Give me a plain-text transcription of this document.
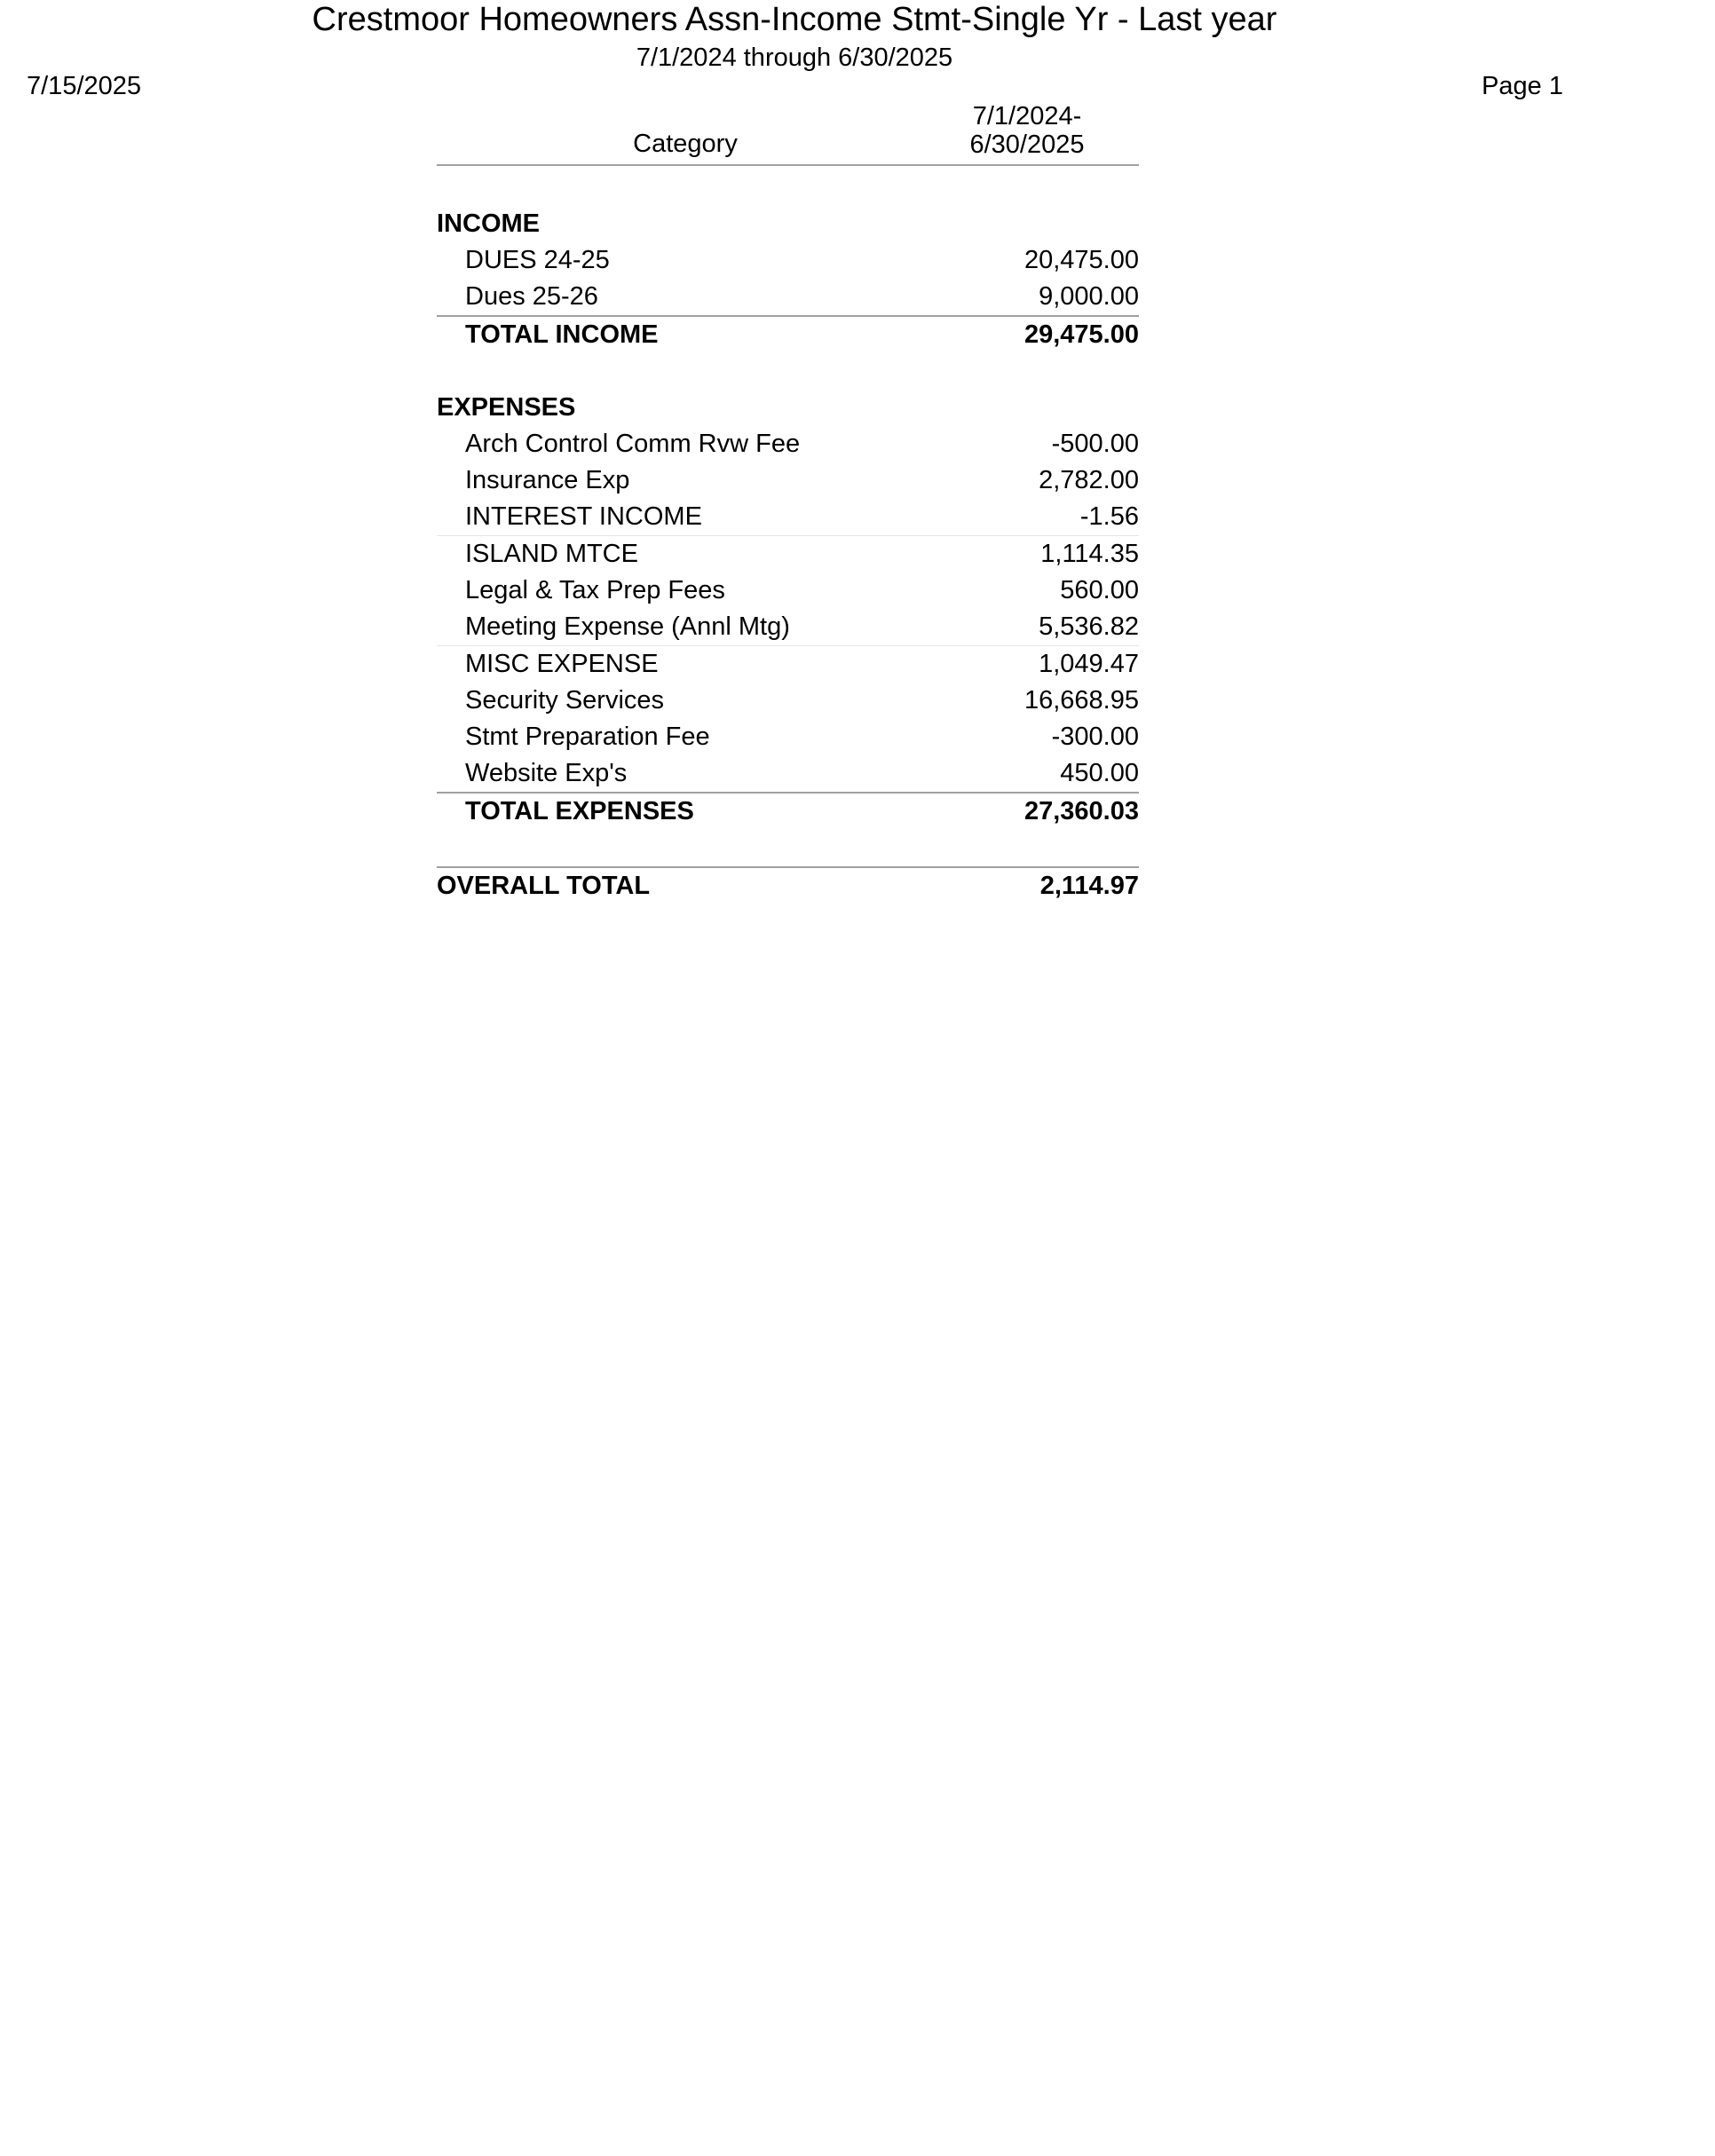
Crestmoor Homeowners Assn-Income Stmt-Single Yr - Last year
7/1/2024 through 6/30/2025
7/15/2025	Page 1
Category
7/1/2024-
6/30/2025
INCOME
DUES 24-25	20,475.00
Dues 25-26	9,000.00
TOTAL INCOME	29,475.00
EXPENSES
Arch Control Comm Rvw Fee	-500.00
Insurance Exp	2,782.00
INTEREST INCOME	-1.56
ISLAND MTCE	1,114.35
Legal & Tax Prep Fees	560.00
Meeting Expense (Annl Mtg)	5,536.82
MISC EXPENSE	1,049.47
Security Services	16,668.95
Stmt Preparation Fee	-300.00
Website Exp's	450.00
TOTAL EXPENSES	27,360.03
OVERALL TOTAL	2,114.97
